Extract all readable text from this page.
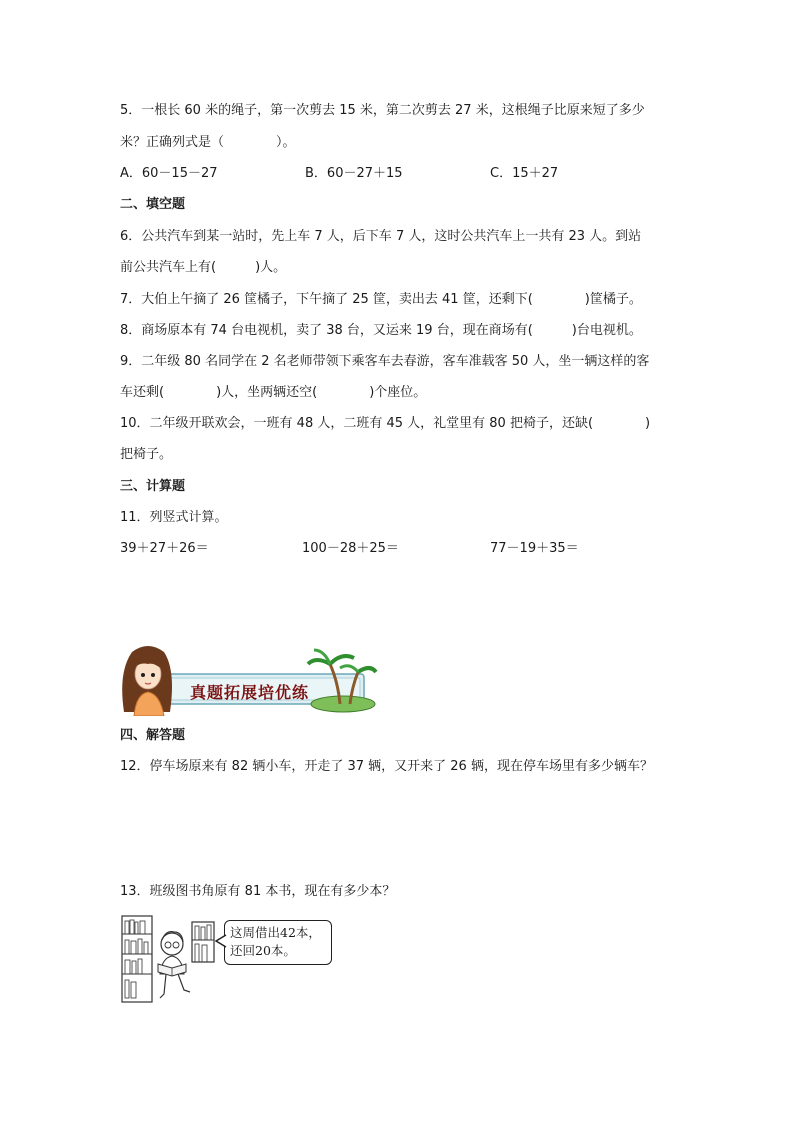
5．一根长 60 米的绳子，第一次剪去 15 米，第二次剪去 27 米，这根绳子比原来短了多少
米？正确列式是（　　　　）。
A．60－15－27	B．60－27＋15	C．15＋27
二、填空题
6．公共汽车到某一站时，先上车 7 人，后下车 7 人，这时公共汽车上一共有 23 人。到站
前公共汽车上有(　　　)人。
7．大伯上午摘了 26 筐橘子，下午摘了 25 筐，卖出去 41 筐，还剩下(　　　　)筐橘子。
8．商场原本有 74 台电视机，卖了 38 台，又运来 19 台，现在商场有(　　　)台电视机。
9．二年级 80 名同学在 2 名老师带领下乘客车去春游，客车准载客 50 人，坐一辆这样的客
车还剩(　　　　)人，坐两辆还空(　　　　)个座位。
10．二年级开联欢会，一班有 48 人，二班有 45 人，礼堂里有 80 把椅子，还缺(　　　　)
把椅子。
三、计算题
11．列竖式计算。
39＋27＋26＝	100－28＋25＝	77－19＋35＝
真题拓展培优练
四、解答题
12．停车场原来有 82 辆小车，开走了 37 辆，又开来了 26 辆，现在停车场里有多少辆车？
13．班级图书角原有 81 本书，现在有多少本？
这周借出42本，
还回20本。
